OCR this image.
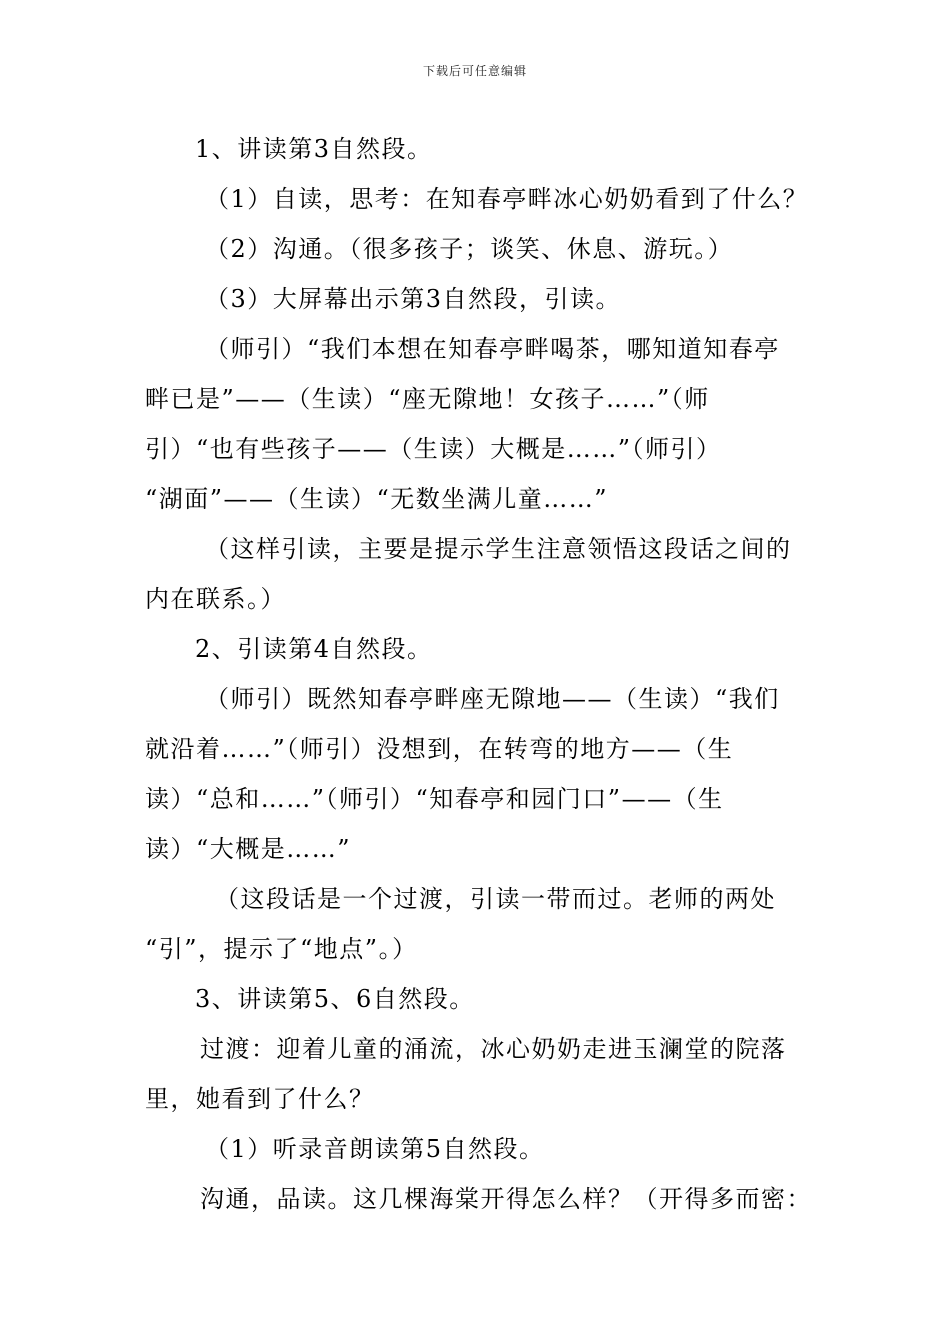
下载后可任意编辑
1、讲读第3自然段。
（1）自读，思考：在知春亭畔冰心奶奶看到了什么？
（2）沟通。（很多孩子；谈笑、休息、游玩。）
（3）大屏幕出示第3自然段，引读。
（师引）“我们本想在知春亭畔喝茶，哪知道知春亭
畔已是”——（生读）“座无隙地！女孩子……”（师
引）“也有些孩子——（生读）大概是……”（师引）
“湖面”——（生读）“无数坐满儿童……”
（这样引读，主要是提示学生注意领悟这段话之间的
内在联系。）
2、引读第4自然段。
（师引）既然知春亭畔座无隙地——（生读）“我们
就沿着……”（师引）没想到，在转弯的地方——（生
读）“总和……”（师引）“知春亭和园门口”——（生
读）“大概是……”
（这段话是一个过渡，引读一带而过。老师的两处
“引”，提示了“地点”。）
3、讲读第5、6自然段。
过渡：迎着儿童的涌流，冰心奶奶走进玉澜堂的院落
里，她看到了什么？
（1）听录音朗读第5自然段。
沟通，品读。这几棵海棠开得怎么样？（开得多而密：
